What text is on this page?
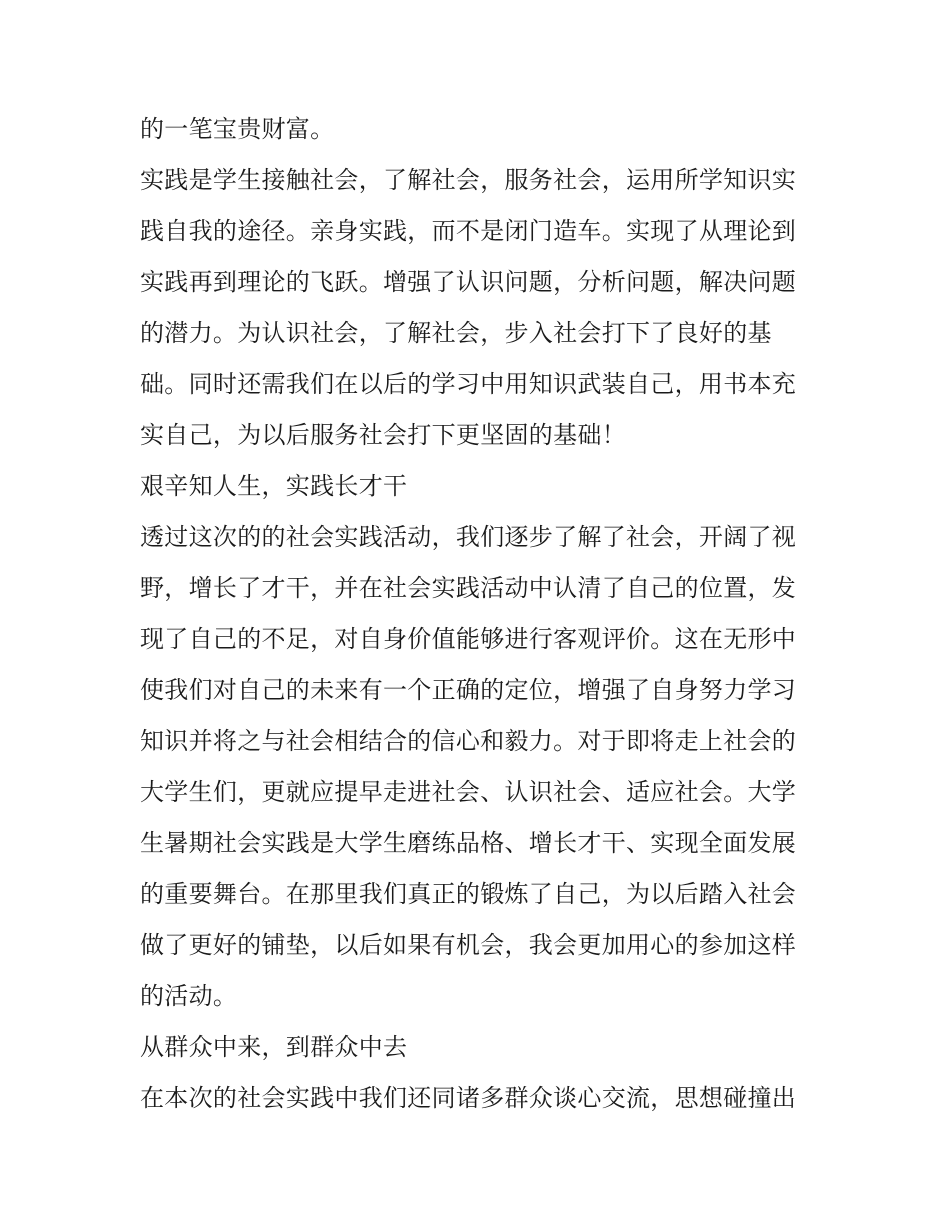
的一笔宝贵财富。
实践是学生接触社会，了解社会，服务社会，运用所学知识实
践自我的途径。亲身实践，而不是闭门造车。实现了从理论到
实践再到理论的飞跃。增强了认识问题，分析问题，解决问题
的潜力。为认识社会，了解社会，步入社会打下了良好的基
础。同时还需我们在以后的学习中用知识武装自己，用书本充
实自己，为以后服务社会打下更坚固的基础！
艰辛知人生，实践长才干
透过这次的的社会实践活动，我们逐步了解了社会，开阔了视
野，增长了才干，并在社会实践活动中认清了自己的位置，发
现了自己的不足，对自身价值能够进行客观评价。这在无形中
使我们对自己的未来有一个正确的定位，增强了自身努力学习
知识并将之与社会相结合的信心和毅力。对于即将走上社会的
大学生们，更就应提早走进社会、认识社会、适应社会。大学
生暑期社会实践是大学生磨练品格、增长才干、实现全面发展
的重要舞台。在那里我们真正的锻炼了自己，为以后踏入社会
做了更好的铺垫，以后如果有机会，我会更加用心的参加这样
的活动。
从群众中来，到群众中去
在本次的社会实践中我们还同诸多群众谈心交流，思想碰撞出
